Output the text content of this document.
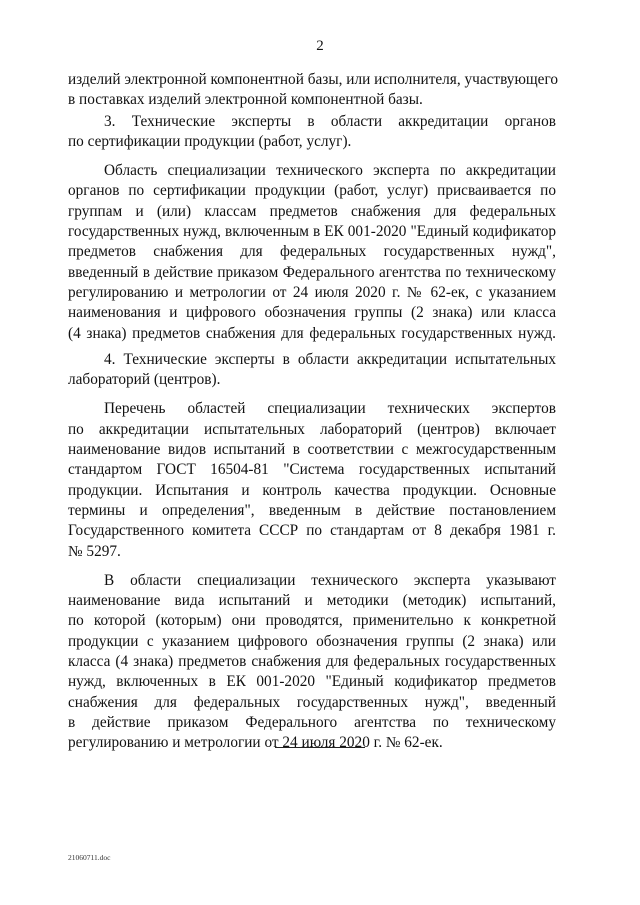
2

изделий электронной компонентной базы, или исполнителя, участвующего
в поставках изделий электронной компонентной базы.

3. Технические эксперты в области аккредитации органов
по сертификации продукции (работ, услуг).

Область специализации технического эксперта по аккредитации
органов по сертификации продукции (работ, услуг) присваивается по
группам и (или) классам предметов снабжения для федеральных
государственных нужд, включенным в ЕК 001-2020 "Единый кодификатор
предметов снабжения для федеральных государственных нужд",
введенный в действие приказом Федерального агентства по техническому
регулированию и метрологии от 24 июля 2020 г. № 62-ек, с указанием
наименования и цифрового обозначения группы (2 знака) или класса
(4 знака) предметов снабжения для федеральных государственных нужд.

4. Технические эксперты в области аккредитации испытательных
лабораторий (центров).

Перечень областей специализации технических экспертов
по аккредитации испытательных лабораторий (центров) включает
наименование видов испытаний в соответствии с межгосударственным
стандартом ГОСТ 16504-81 "Система государственных испытаний
продукции. Испытания и контроль качества продукции. Основные
термины и определения", введенным в действие постановлением
Государственного комитета СССР по стандартам от 8 декабря 1981 г.
№ 5297.

В области специализации технического эксперта указывают
наименование вида испытаний и методики (методик) испытаний,
по которой (которым) они проводятся, применительно к конкретной
продукции с указанием цифрового обозначения группы (2 знака) или
класса (4 знака) предметов снабжения для федеральных государственных
нужд, включенных в ЕК 001-2020 "Единый кодификатор предметов
снабжения для федеральных государственных нужд", введенный
в действие приказом Федерального агентства по техническому
регулированию и метрологии от 24 июля 2020 г. № 62-ек.

21060711.doc
